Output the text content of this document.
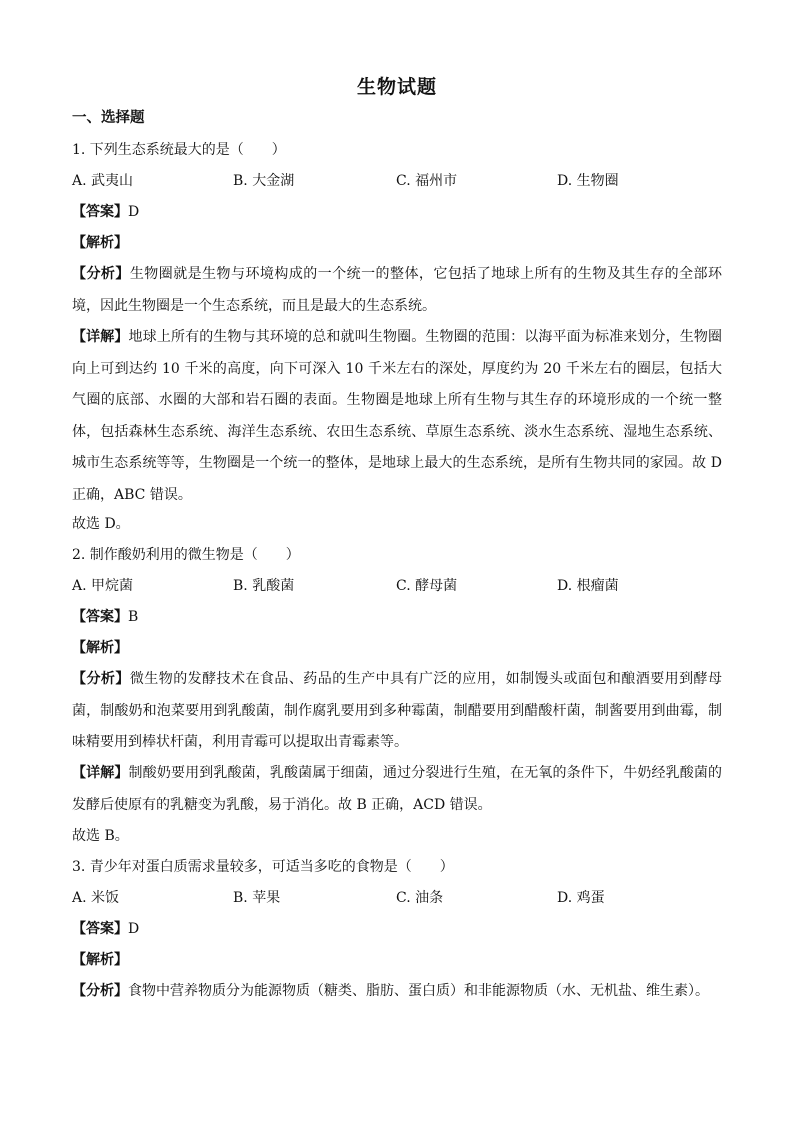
生物试题
一、选择题
1. 下列生态系统最大的是（　　）
A. 武夷山	B. 大金湖	C. 福州市	D. 生物圈
【答案】D
【解析】
【分析】生物圈就是生物与环境构成的一个统一的整体，它包括了地球上所有的生物及其生存的全部环境，因此生物圈是一个生态系统，而且是最大的生态系统。
【详解】地球上所有的生物与其环境的总和就叫生物圈。生物圈的范围：以海平面为标准来划分，生物圈向上可到达约 10 千米的高度，向下可深入 10 千米左右的深处，厚度约为 20 千米左右的圈层，包括大气圈的底部、水圈的大部和岩石圈的表面。生物圈是地球上所有生物与其生存的环境形成的一个统一整体，包括森林生态系统、海洋生态系统、农田生态系统、草原生态系统、淡水生态系统、湿地生态系统、城市生态系统等等，生物圈是一个统一的整体，是地球上最大的生态系统，是所有生物共同的家园。故 D 正确，ABC 错误。
故选 D。
2. 制作酸奶利用的微生物是（　　）
A. 甲烷菌	B. 乳酸菌	C. 酵母菌	D. 根瘤菌
【答案】B
【解析】
【分析】微生物的发酵技术在食品、药品的生产中具有广泛的应用，如制馒头或面包和酿酒要用到酵母菌，制酸奶和泡菜要用到乳酸菌，制作腐乳要用到多种霉菌，制醋要用到醋酸杆菌，制酱要用到曲霉，制味精要用到棒状杆菌，利用青霉可以提取出青霉素等。
【详解】制酸奶要用到乳酸菌，乳酸菌属于细菌，通过分裂进行生殖，在无氧的条件下，牛奶经乳酸菌的发酵后使原有的乳糖变为乳酸，易于消化。故 B 正确，ACD 错误。
故选 B。
3. 青少年对蛋白质需求量较多，可适当多吃的食物是（　　）
A. 米饭	B. 苹果	C. 油条	D. 鸡蛋
【答案】D
【解析】
【分析】食物中营养物质分为能源物质（糖类、脂肪、蛋白质）和非能源物质（水、无机盐、维生素）。
